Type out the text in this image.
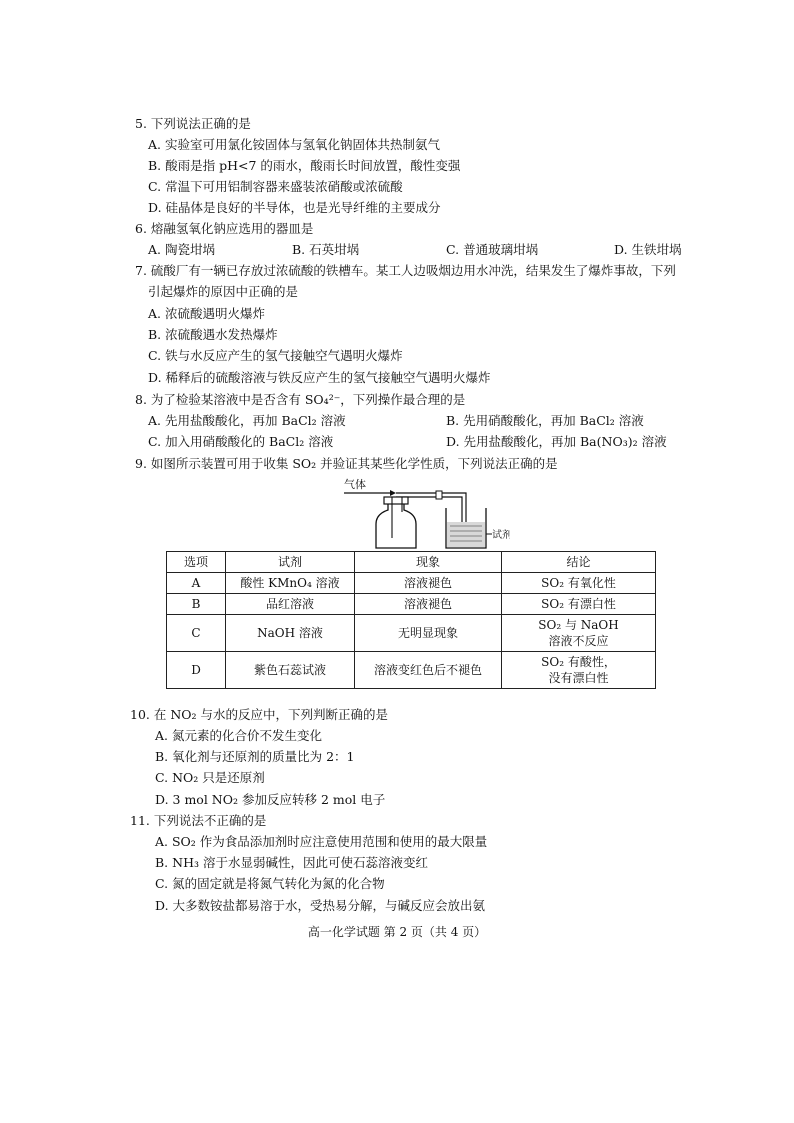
5. 下列说法正确的是
A. 实验室可用氯化铵固体与氢氧化钠固体共热制氨气
B. 酸雨是指 pH<7 的雨水，酸雨长时间放置，酸性变强
C. 常温下可用铝制容器来盛装浓硝酸或浓硫酸
D. 硅晶体是良好的半导体，也是光导纤维的主要成分
6. 熔融氢氧化钠应选用的器皿是
A. 陶瓷坩埚	B. 石英坩埚	C. 普通玻璃坩埚	D. 生铁坩埚
7. 硫酸厂有一辆已存放过浓硫酸的铁槽车。某工人边吸烟边用水冲洗，结果发生了爆炸事故，下列
引起爆炸的原因中正确的是
A. 浓硫酸遇明火爆炸
B. 浓硫酸遇水发热爆炸
C. 铁与水反应产生的氢气接触空气遇明火爆炸
D. 稀释后的硫酸溶液与铁反应产生的氢气接触空气遇明火爆炸
8. 为了检验某溶液中是否含有 SO₄²⁻，下列操作最合理的是
A. 先用盐酸酸化，再加 BaCl₂ 溶液	B. 先用硝酸酸化，再加 BaCl₂ 溶液
C. 加入用硝酸酸化的 BaCl₂ 溶液	D. 先用盐酸酸化，再加 Ba(NO₃)₂ 溶液
9. 如图所示装置可用于收集 SO₂ 并验证其某些化学性质，下列说法正确的是
气体
试剂
选项	试剂	现象	结论
A	酸性 KMnO₄ 溶液	溶液褪色	SO₂ 有氧化性
B	品红溶液	溶液褪色	SO₂ 有漂白性
C	NaOH 溶液	无明显现象	SO₂ 与 NaOH
溶液不反应

D	紫色石蕊试液	溶液变红色后不褪色	SO₂ 有酸性，
没有漂白性
10. 在 NO₂ 与水的反应中，下列判断正确的是
A. 氮元素的化合价不发生变化
B. 氧化剂与还原剂的质量比为 2：1
C. NO₂ 只是还原剂
D. 3 mol NO₂ 参加反应转移 2 mol 电子
11. 下列说法不正确的是
A. SO₂ 作为食品添加剂时应注意使用范围和使用的最大限量
B. NH₃ 溶于水显弱碱性，因此可使石蕊溶液变红
C. 氮的固定就是将氮气转化为氮的化合物
D. 大多数铵盐都易溶于水，受热易分解，与碱反应会放出氨
高一化学试题 第 2 页（共 4 页）
